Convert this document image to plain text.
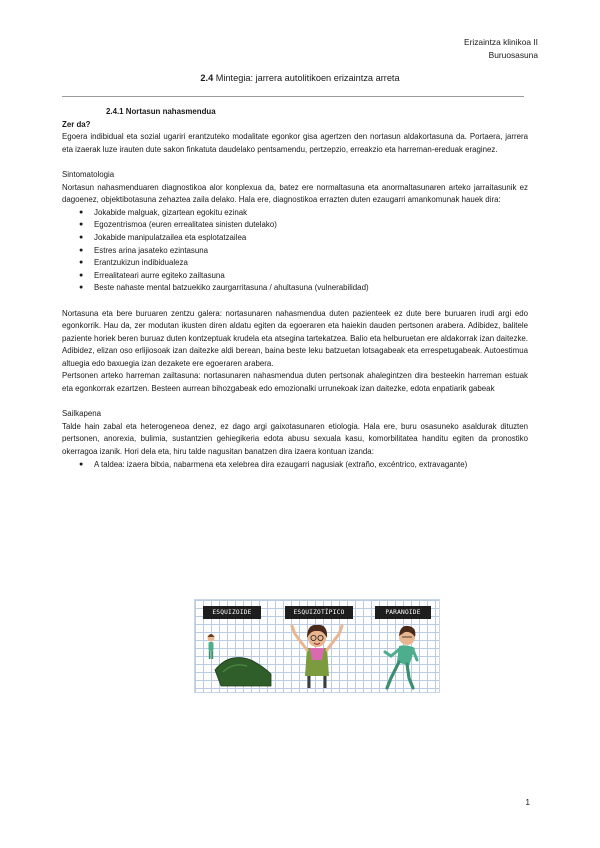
Erizaintza klinikoa II
Buruosasuna
2.4 Mintegia: jarrera autolitikoen erizaintza arreta

2.4.1 Nortasun nahasmendua

Zer da?

Egoera indibidual eta sozial ugariri erantzuteko modalitate egonkor gisa agertzen den nortasun aldakortasuna da. Portaera, jarrera eta izaerak luze irauten dute sakon finkatuta daudelako pentsamendu, pertzepzio, erreakzio eta harreman-ereduak eraginez.

Sintomatologia

Nortasun nahasmenduaren diagnostikoa alor konplexua da, batez ere normaltasuna eta anormaltasunaren arteko jarraitasunik ez dagoenez, objektibotasuna zehaztea zaila delako. Hala ere, diagnostikoa errazten duten ezaugarri amankomunak hauek dira:

● Jokabide malguak, gizartean egokitu ezinak
● Egozentrismoa (euren errealitatea sinisten dutelako)
● Jokabide manipulatzailea eta esplotatzailea
● Estres arina jasateko ezintasuna
● Erantzukizun indibidualeza
● Errealitateari aurre egiteko zailtasuna
● Beste nahaste mental batzuekiko zaurgarritasuna / ahultasuna (vulnerabilidad)

Nortasuna eta bere buruaren zentzu galera: nortasunaren nahasmendua duten pazienteek ez dute bere buruaren irudi argi edo egonkorrik. Hau da, zer modutan ikusten diren aldatu egiten da egoeraren eta haiekin dauden pertsonen arabera. Adibidez, balitele paziente horiek beren buruaz duten kontzeptuak krudela eta atsegina tartekatzea. Balio eta helburuetan ere aldakorrak izan daitezke. Adibidez, elizan oso erlijiosoak izan daitezke aldi berean, baina beste leku batzuetan lotsagabeak eta errespetugabeak. Autoestimua altuegia edo baxuegia izan dezakete ere egoeraren arabera.

Pertsonen arteko harreman zailtasuna: nortasunaren nahasmendua duten pertsonak ahalegintzen dira besteekin harreman estuak eta egonkorrak ezartzen. Besteen aurrean bihozgabeak edo emozionalki urrunekoak izan daitezke, edota enpatiarik gabeak

Sailkapena

Talde hain zabal eta heterogeneoa denez, ez dago argi gaixotasunaren etiologia. Hala ere, buru osasuneko asaldurak dituzten pertsonen, anorexia, bulimia, sustantzien gehiegikeria edota abusu sexuala kasu, komorbilitatea handitu egiten da pronostiko okerragoa izanik. Hori dela eta, hiru talde nagusitan banatzen dira izaera kontuan izanda:

● A taldea: izaera bitxia, nabarmena eta xelebrea dira ezaugarri nagusiak (extraño, excéntrico, extravagante)
ESQUIZOIDE	ESQUIZOTÍPICO	PARANOIDE
1
